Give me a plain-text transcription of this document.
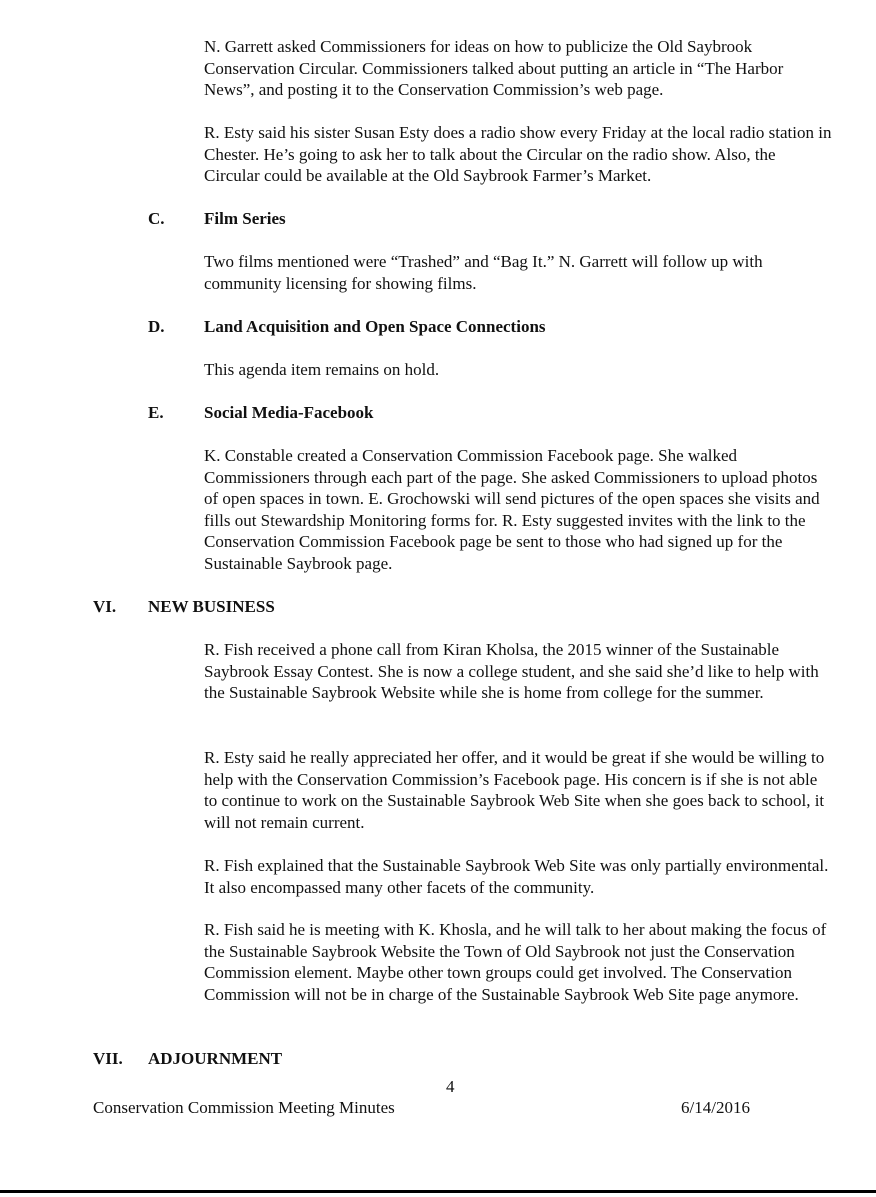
N. Garrett asked Commissioners for ideas on how to publicize the Old Saybrook Conservation Circular. Commissioners talked about putting an article in “The Harbor News”, and posting it to the Conservation Commission’s web page.

R. Esty said his sister Susan Esty does a radio show every Friday at the local radio station in Chester. He’s going to ask her to talk about the Circular on the radio show. Also, the Circular could be available at the Old Saybrook Farmer’s Market.

C. Film Series

Two films mentioned were “Trashed” and “Bag It.” N. Garrett will follow up with community licensing for showing films.

D. Land Acquisition and Open Space Connections

This agenda item remains on hold.

E. Social Media-Facebook

K. Constable created a Conservation Commission Facebook page. She walked Commissioners through each part of the page. She asked Commissioners to upload photos of open spaces in town. E. Grochowski will send pictures of the open spaces she visits and fills out Stewardship Monitoring forms for. R. Esty suggested invites with the link to the Conservation Commission Facebook page be sent to those who had signed up for the Sustainable Saybrook page.

VI. NEW BUSINESS

R. Fish received a phone call from Kiran Kholsa, the 2015 winner of the Sustainable Saybrook Essay Contest. She is now a college student, and she said she’d like to help with the Sustainable Saybrook Website while she is home from college for the summer.

R. Esty said he really appreciated her offer, and it would be great if she would be willing to help with the Conservation Commission’s Facebook page. His concern is if she is not able to continue to work on the Sustainable Saybrook Web Site when she goes back to school, it will not remain current.

R. Fish explained that the Sustainable Saybrook Web Site was only partially environmental. It also encompassed many other facets of the community.

R. Fish said he is meeting with K. Khosla, and he will talk to her about making the focus of the Sustainable Saybrook Website the Town of Old Saybrook not just the Conservation Commission element. Maybe other town groups could get involved. The Conservation Commission will not be in charge of the Sustainable Saybrook Web Site page anymore.

VII. ADJOURNMENT
4
Conservation Commission Meeting Minutes	6/14/2016
